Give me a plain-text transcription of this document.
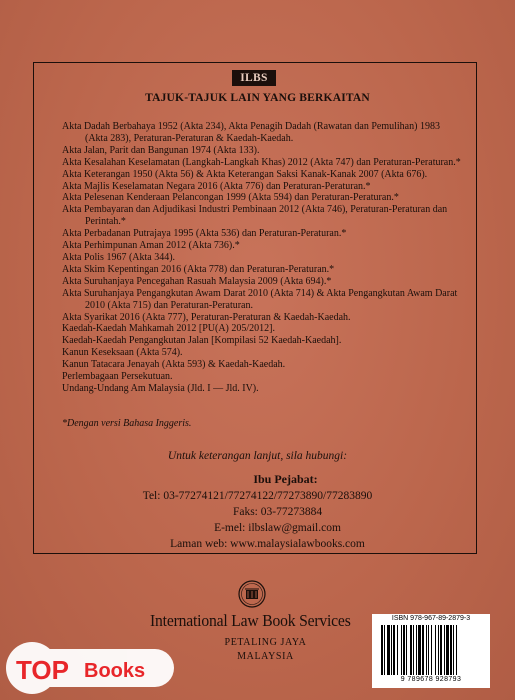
ILBS
TAJUK-TAJUK LAIN YANG BERKAITAN

Akta Dadah Berbahaya 1952 (Akta 234), Akta Penagih Dadah (Rawatan dan Pemulihan) 1983 (Akta 283), Peraturan-Peraturan & Kaedah-Kaedah.

Akta Jalan, Parit dan Bangunan 1974 (Akta 133).

Akta Kesalahan Keselamatan (Langkah-Langkah Khas) 2012 (Akta 747) dan Peraturan-Peraturan.*

Akta Keterangan 1950 (Akta 56) & Akta Keterangan Saksi Kanak-Kanak 2007 (Akta 676).

Akta Majlis Keselamatan Negara 2016 (Akta 776) dan Peraturan-Peraturan.*

Akta Pelesenan Kenderaan Pelancongan 1999 (Akta 594) dan Peraturan-Peraturan.*

Akta Pembayaran dan Adjudikasi Industri Pembinaan 2012 (Akta 746), Peraturan-Peraturan dan Perintah.*

Akta Perbadanan Putrajaya 1995 (Akta 536) dan Peraturan-Peraturan.*

Akta Perhimpunan Aman 2012 (Akta 736).*

Akta Polis 1967 (Akta 344).

Akta Skim Kepentingan 2016 (Akta 778) dan Peraturan-Peraturan.*

Akta Suruhanjaya Pencegahan Rasuah Malaysia 2009 (Akta 694).*

Akta Suruhanjaya Pengangkutan Awam Darat 2010 (Akta 714) & Akta Pengangkutan Awam Darat 2010 (Akta 715) dan Peraturan-Peraturan.

Akta Syarikat 2016 (Akta 777), Peraturan-Peraturan & Kaedah-Kaedah.

Kaedah-Kaedah Mahkamah 2012 [PU(A) 205/2012].

Kaedah-Kaedah Pengangkutan Jalan [Kompilasi 52 Kaedah-Kaedah].

Kanun Keseksaan (Akta 574).

Kanun Tatacara Jenayah (Akta 593) & Kaedah-Kaedah.

Perlembagaan Persekutuan.

Undang-Undang Am Malaysia (Jld. I — Jld. IV).

*Dengan versi Bahasa Inggeris.
Untuk keterangan lanjut, sila hubungi:
Ibu Pejabat:
Tel: 03-77274121/77274122/77273890/77283890
Faks: 03-77273884
E-mel: ilbslaw@gmail.com
Laman web: www.malaysialawbooks.com
International Law Book Services
PETALING JAYA
MALAYSIA
ISBN 978-967-89-2879-3
9 789678 928793
TOP Books
